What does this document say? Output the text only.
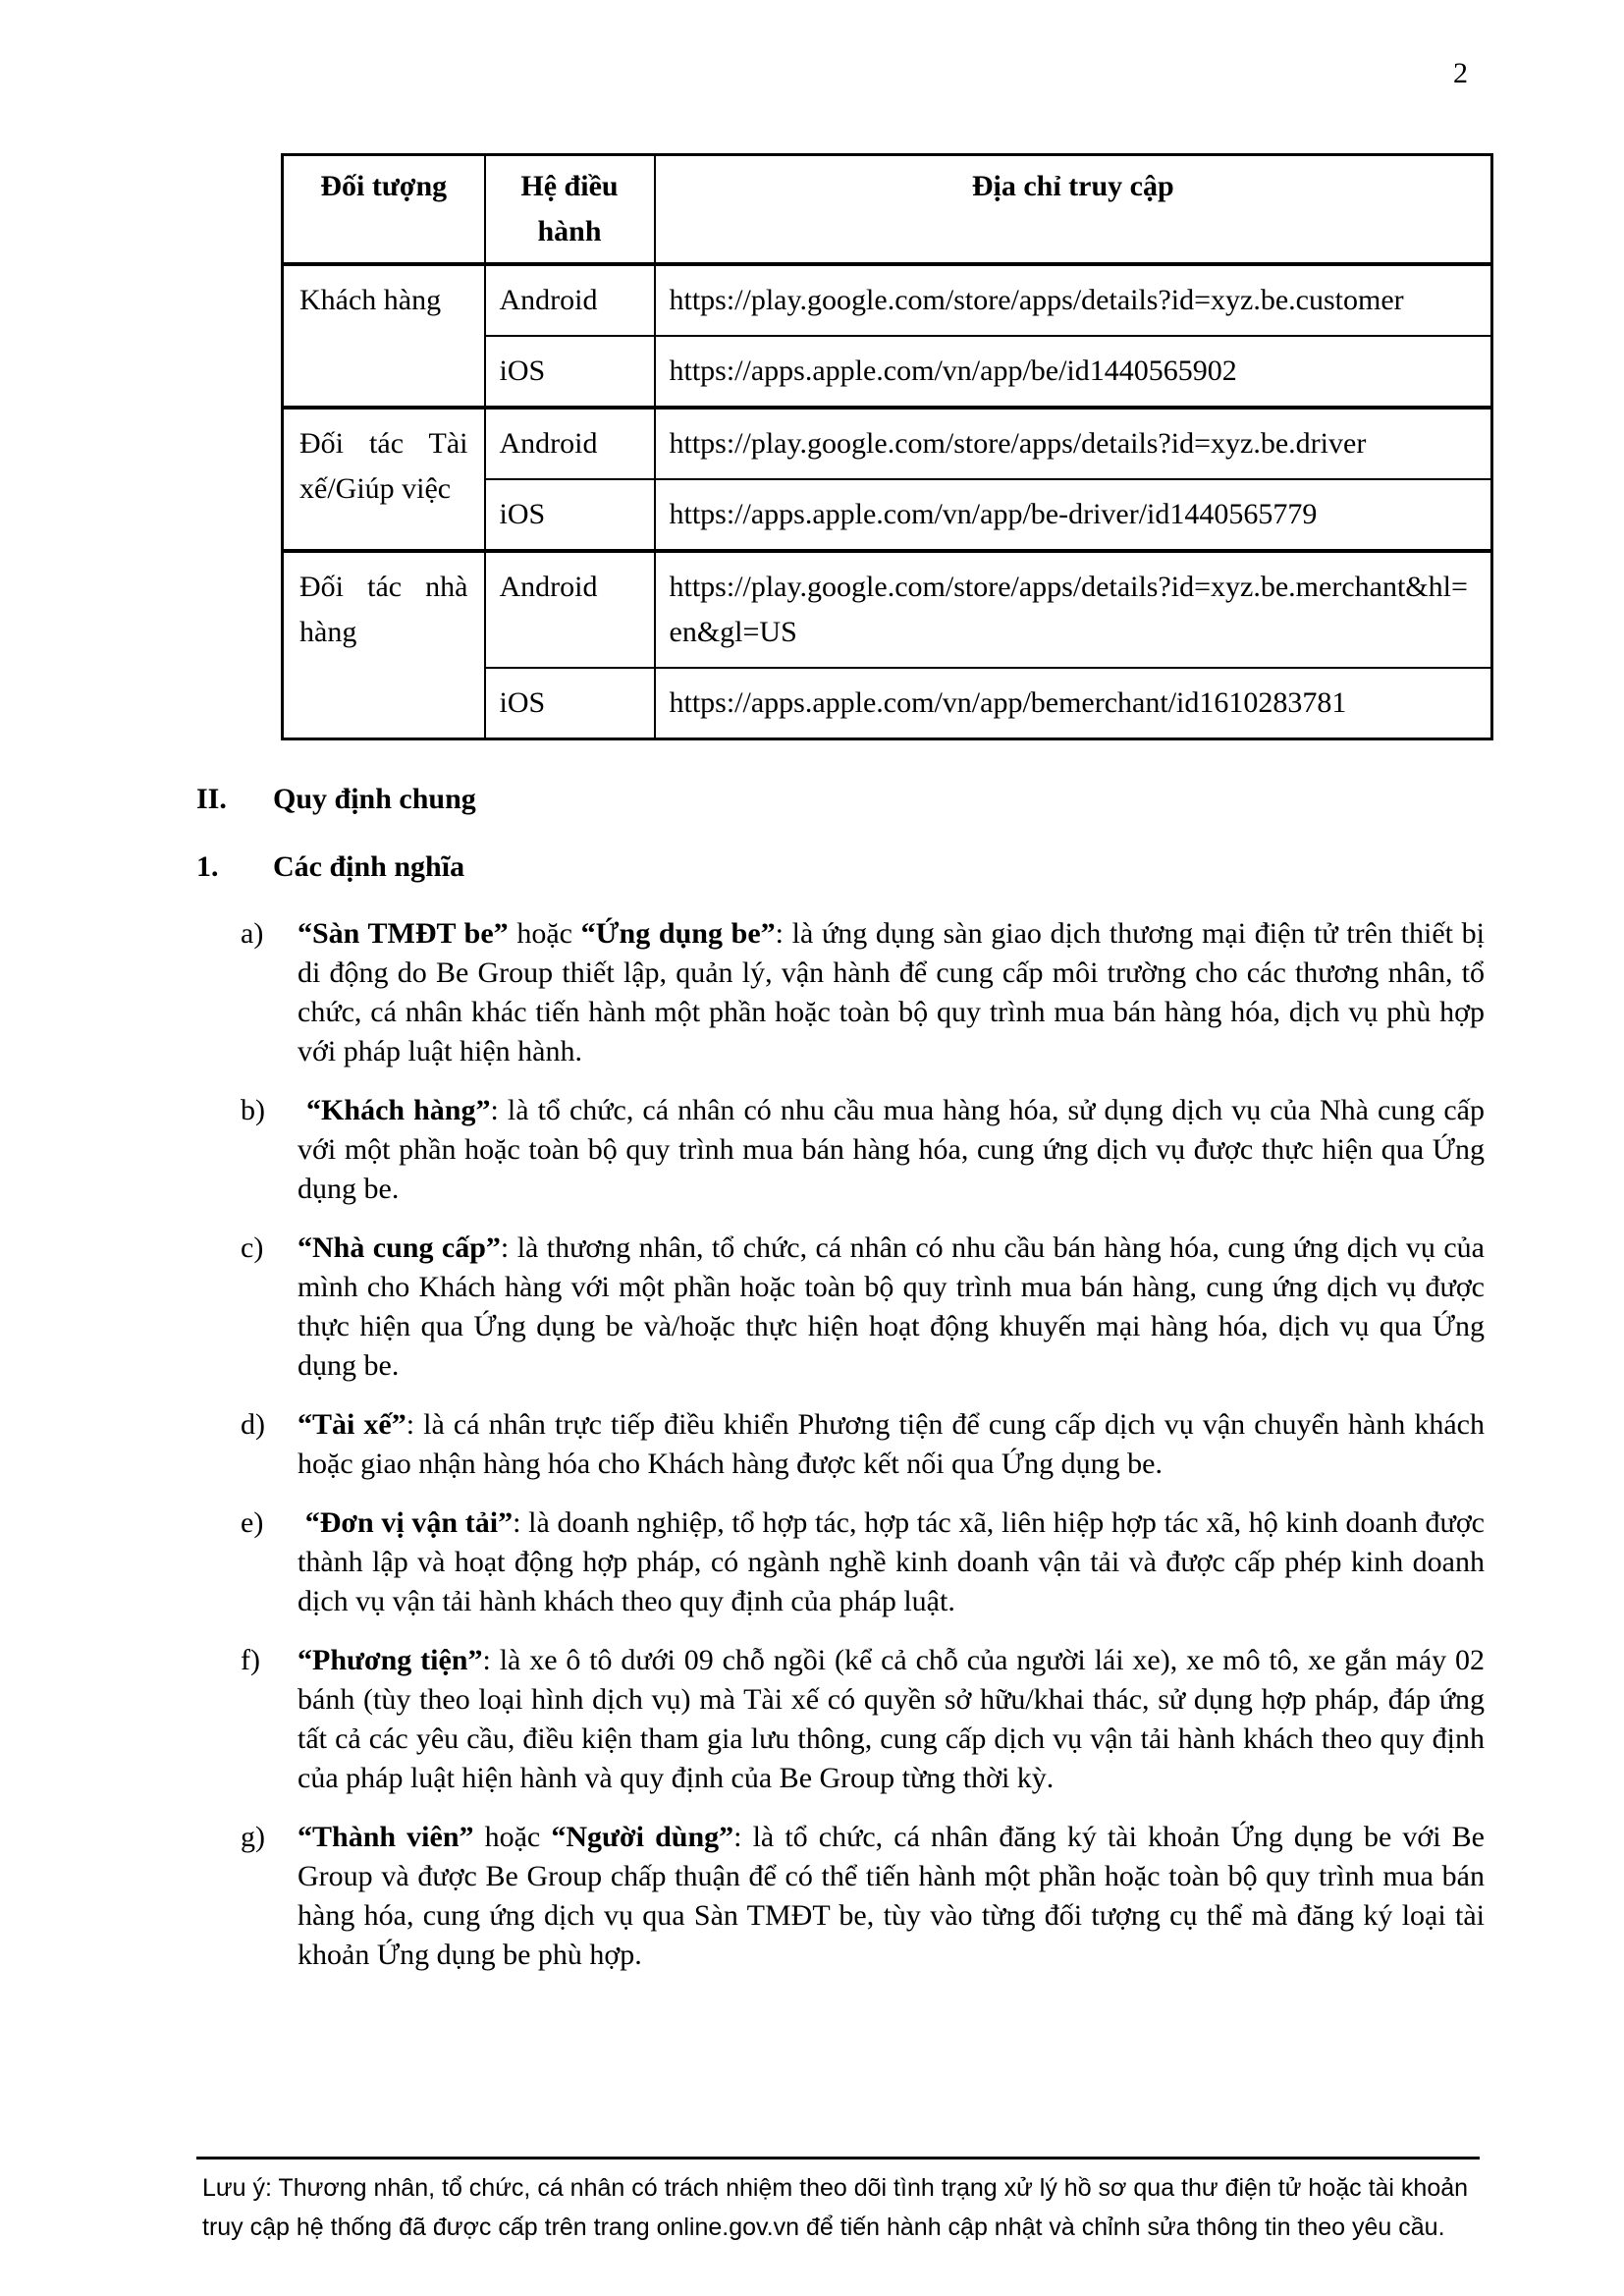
2
Đối tượng	Hệ điều hành	Địa chỉ truy cập
Khách hàng	Android	https://play.google.com/store/apps/details?id=xyz.be.customer
	iOS	https://apps.apple.com/vn/app/be/id1440565902
Đối tác Tài xế/Giúp việc	Android	https://play.google.com/store/apps/details?id=xyz.be.driver
	iOS	https://apps.apple.com/vn/app/be-driver/id1440565779
Đối tác nhà hàng	Android	https://play.google.com/store/apps/details?id=xyz.be.merchant&hl=en&gl=US
	iOS	https://apps.apple.com/vn/app/bemerchant/id1610283781
II.	Quy định chung
1.	Các định nghĩa
a)	“Sàn TMĐT be” hoặc “Ứng dụng be”: là ứng dụng sàn giao dịch thương mại điện tử trên thiết bị di động do Be Group thiết lập, quản lý, vận hành để cung cấp môi trường cho các thương nhân, tổ chức, cá nhân khác tiến hành một phần hoặc toàn bộ quy trình mua bán hàng hóa, dịch vụ phù hợp với pháp luật hiện hành.

b)	“Khách hàng”: là tổ chức, cá nhân có nhu cầu mua hàng hóa, sử dụng dịch vụ của Nhà cung cấp với một phần hoặc toàn bộ quy trình mua bán hàng hóa, cung ứng dịch vụ được thực hiện qua Ứng dụng be.

c)	“Nhà cung cấp”: là thương nhân, tổ chức, cá nhân có nhu cầu bán hàng hóa, cung ứng dịch vụ của mình cho Khách hàng với một phần hoặc toàn bộ quy trình mua bán hàng, cung ứng dịch vụ được thực hiện qua Ứng dụng be và/hoặc thực hiện hoạt động khuyến mại hàng hóa, dịch vụ qua Ứng dụng be.

d)	“Tài xế”: là cá nhân trực tiếp điều khiển Phương tiện để cung cấp dịch vụ vận chuyển hành khách hoặc giao nhận hàng hóa cho Khách hàng được kết nối qua Ứng dụng be.

e)	“Đơn vị vận tải”: là doanh nghiệp, tổ hợp tác, hợp tác xã, liên hiệp hợp tác xã, hộ kinh doanh được thành lập và hoạt động hợp pháp, có ngành nghề kinh doanh vận tải và được cấp phép kinh doanh dịch vụ vận tải hành khách theo quy định của pháp luật.

f)	“Phương tiện”: là xe ô tô dưới 09 chỗ ngồi (kể cả chỗ của người lái xe), xe mô tô, xe gắn máy 02 bánh (tùy theo loại hình dịch vụ) mà Tài xế có quyền sở hữu/khai thác, sử dụng hợp pháp, đáp ứng tất cả các yêu cầu, điều kiện tham gia lưu thông, cung cấp dịch vụ vận tải hành khách theo quy định của pháp luật hiện hành và quy định của Be Group từng thời kỳ.

g)	“Thành viên” hoặc “Người dùng”: là tổ chức, cá nhân đăng ký tài khoản Ứng dụng be với Be Group và được Be Group chấp thuận để có thể tiến hành một phần hoặc toàn bộ quy trình mua bán hàng hóa, cung ứng dịch vụ qua Sàn TMĐT be, tùy vào từng đối tượng cụ thể mà đăng ký loại tài khoản Ứng dụng be phù hợp.

Lưu ý: Thương nhân, tổ chức, cá nhân có trách nhiệm theo dõi tình trạng xử lý hồ sơ qua thư điện tử hoặc tài khoản truy cập hệ thống đã được cấp trên trang online.gov.vn để tiến hành cập nhật và chỉnh sửa thông tin theo yêu cầu.
